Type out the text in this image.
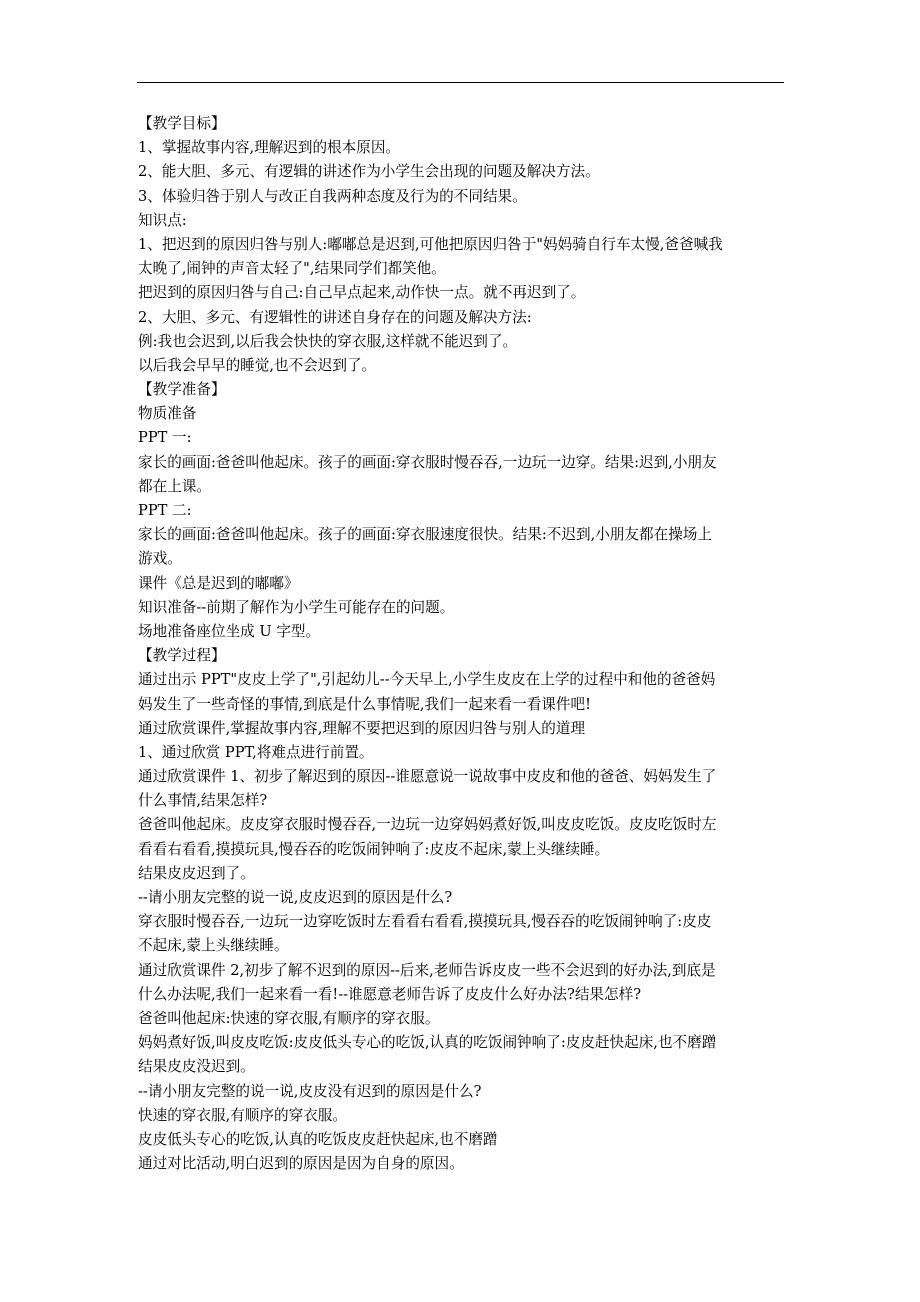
【教学目标】
1、掌握故事内容,理解迟到的根本原因。
2、能大胆、多元、有逻辑的讲述作为小学生会出现的问题及解决方法。
3、体验归咎于别人与改正自我两种态度及行为的不同结果。
知识点:
1、把迟到的原因归咎与别人:嘟嘟总是迟到,可他把原因归咎于"妈妈骑自行车太慢,爸爸喊我
太晚了,闹钟的声音太轻了",结果同学们都笑他。
把迟到的原因归咎与自己:自己早点起来,动作快一点。就不再迟到了。
2、大胆、多元、有逻辑性的讲述自身存在的问题及解决方法:
例:我也会迟到,以后我会快快的穿衣服,这样就不能迟到了。
以后我会早早的睡觉,也不会迟到了。
【教学准备】
物质准备
PPT 一:
家长的画面:爸爸叫他起床。孩子的画面:穿衣服时慢吞吞,一边玩一边穿。结果:迟到,小朋友
都在上课。
PPT 二:
家长的画面:爸爸叫他起床。孩子的画面:穿衣服速度很快。结果:不迟到,小朋友都在操场上
游戏。
课件《总是迟到的嘟嘟》
知识准备--前期了解作为小学生可能存在的问题。
场地准备座位坐成 U 字型。
【教学过程】
通过出示 PPT"皮皮上学了",引起幼儿--今天早上,小学生皮皮在上学的过程中和他的爸爸妈
妈发生了一些奇怪的事情,到底是什么事情呢,我们一起来看一看课件吧!
通过欣赏课件,掌握故事内容,理解不要把迟到的原因归咎与别人的道理
1、通过欣赏 PPT,将难点进行前置。
通过欣赏课件 1、初步了解迟到的原因--谁愿意说一说故事中皮皮和他的爸爸、妈妈发生了
什么事情,结果怎样?
爸爸叫他起床。皮皮穿衣服时慢吞吞,一边玩一边穿妈妈煮好饭,叫皮皮吃饭。皮皮吃饭时左
看看右看看,摸摸玩具,慢吞吞的吃饭闹钟响了:皮皮不起床,蒙上头继续睡。
结果皮皮迟到了。
--请小朋友完整的说一说,皮皮迟到的原因是什么?
穿衣服时慢吞吞,一边玩一边穿吃饭时左看看右看看,摸摸玩具,慢吞吞的吃饭闹钟响了:皮皮
不起床,蒙上头继续睡。
通过欣赏课件 2,初步了解不迟到的原因--后来,老师告诉皮皮一些不会迟到的好办法,到底是
什么办法呢,我们一起来看一看!--谁愿意老师告诉了皮皮什么好办法?结果怎样?
爸爸叫他起床:快速的穿衣服,有顺序的穿衣服。
妈妈煮好饭,叫皮皮吃饭:皮皮低头专心的吃饭,认真的吃饭闹钟响了:皮皮赶快起床,也不磨蹭
结果皮皮没迟到。
--请小朋友完整的说一说,皮皮没有迟到的原因是什么?
快速的穿衣服,有顺序的穿衣服。
皮皮低头专心的吃饭,认真的吃饭皮皮赶快起床,也不磨蹭
通过对比活动,明白迟到的原因是因为自身的原因。
